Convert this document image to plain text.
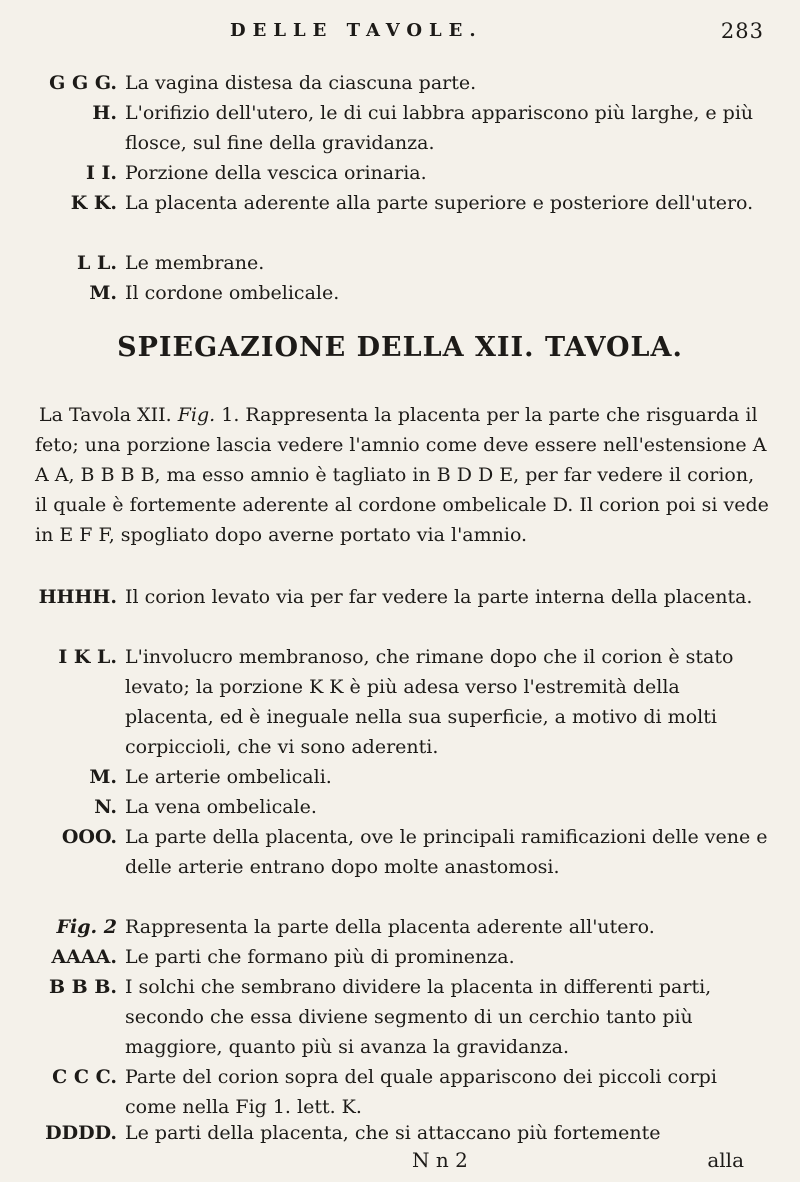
DELLE TAVOLE.	283
G G G. La vagina distesa da ciascuna parte.
H. L'orifizio dell'utero, le di cui labbra apparisconο più larghe, e più flosce, sul fine della gravidanza.
I I. Porzione della vescica orinaria.
K K. La placenta aderente alla parte superiore e posteriore dell'utero.
L L. Le membrane.
M. Il cordone ombelicale.
SPIEGAZIONE DELLA XII. TAVOLA.
La Tavola XII. Fig. 1. Rappresenta la placenta per la parte che risguarda il feto; una porzione lascia vedere l'amnio come deve essere nell'estensione A A A, B B B B, ma esso amnio è tagliato in B D D E, per far vedere il corion, il quale è fortemente aderente al cordone ombelicale D. Il corion poi si vede in E F F, spogliato dopo averne portato via l'amnio.
HHHH. Il corion levato via per far vedere la parte interna della placenta.
I K L. L'involucro membranoso, che rimane dopo che il corion è stato levato; la porzione K K è più adesa verso l'estremità della placenta, ed è ineguale nella sua superficie, a motivo di molti corpiccioli, che vi sono aderenti.
M. Le arterie ombelicali.
N. La vena ombelicale.
OOO. La parte della placenta, ove le principali ramificazioni delle vene e delle arterie entrano dopo molte anastomosi.
Fig. 2 Rappresenta la parte della placenta aderente all'utero.
AAAA. Le parti che formano più di prominenza.
B B B. I solchi che sembrano dividere la placenta in differenti parti, secondo che essa diviene segmento di un cerchio tanto più maggiore, quanto più si avanza la gravidanza.
C C C. Parte del corion sopra del quale appariscono dei piccoli corpi come nella Fig 1. lett. K.
DDDD. Le parti della placenta, che si attaccano più fortemente
N n 2	alla
